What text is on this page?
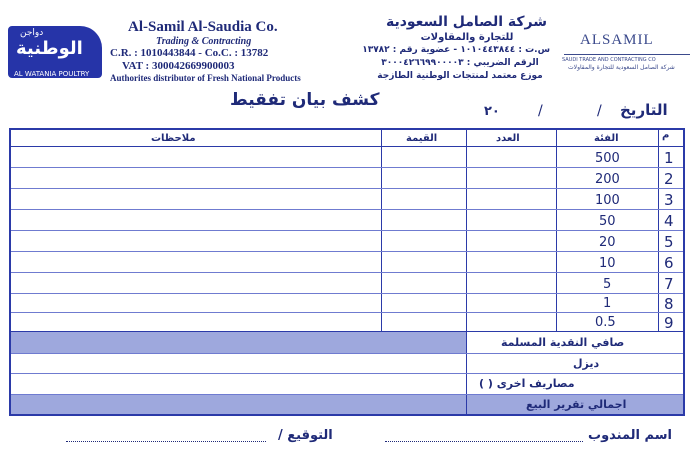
دواجن
الوطنية
AL WATANIA POULTRY
Al-Samil Al-Saudia Co.
Trading & Contracting
C.R. : 1010443844 - Co.C. : 13782
VAT : 300042669900003
Authorites distributor of Fresh National Products
شركة الصامل السعودية
للتجارة والمقاولات
س.ت : ١٠١٠٤٤٣٨٤٤ - عضوية رقم : ١٣٧٨٢
الرقم الضريبي : ٣٠٠٠٤٢٦٦٩٩٠٠٠٠٣
موزع معتمد لمنتجات الوطنية الطازجة
ALSAMIL
SAUDI TRADE AND CONTRACTING CO
شركة الصامل السعودية للتجارة والمقاولات
كشف بيان تفقيط	التاريخ
/
/
٢٠
م
الفئة
العدد
القيمة
ملاحظات
1
500
2
200
3
100
4
50
5
20
6
10
7
5
8
1
9
0.5
صافي النقدية المسلمة
ديزل
مصاريف اخرى ( )
اجمالي تقرير البيع
اسم المندوب
التوقيع /
